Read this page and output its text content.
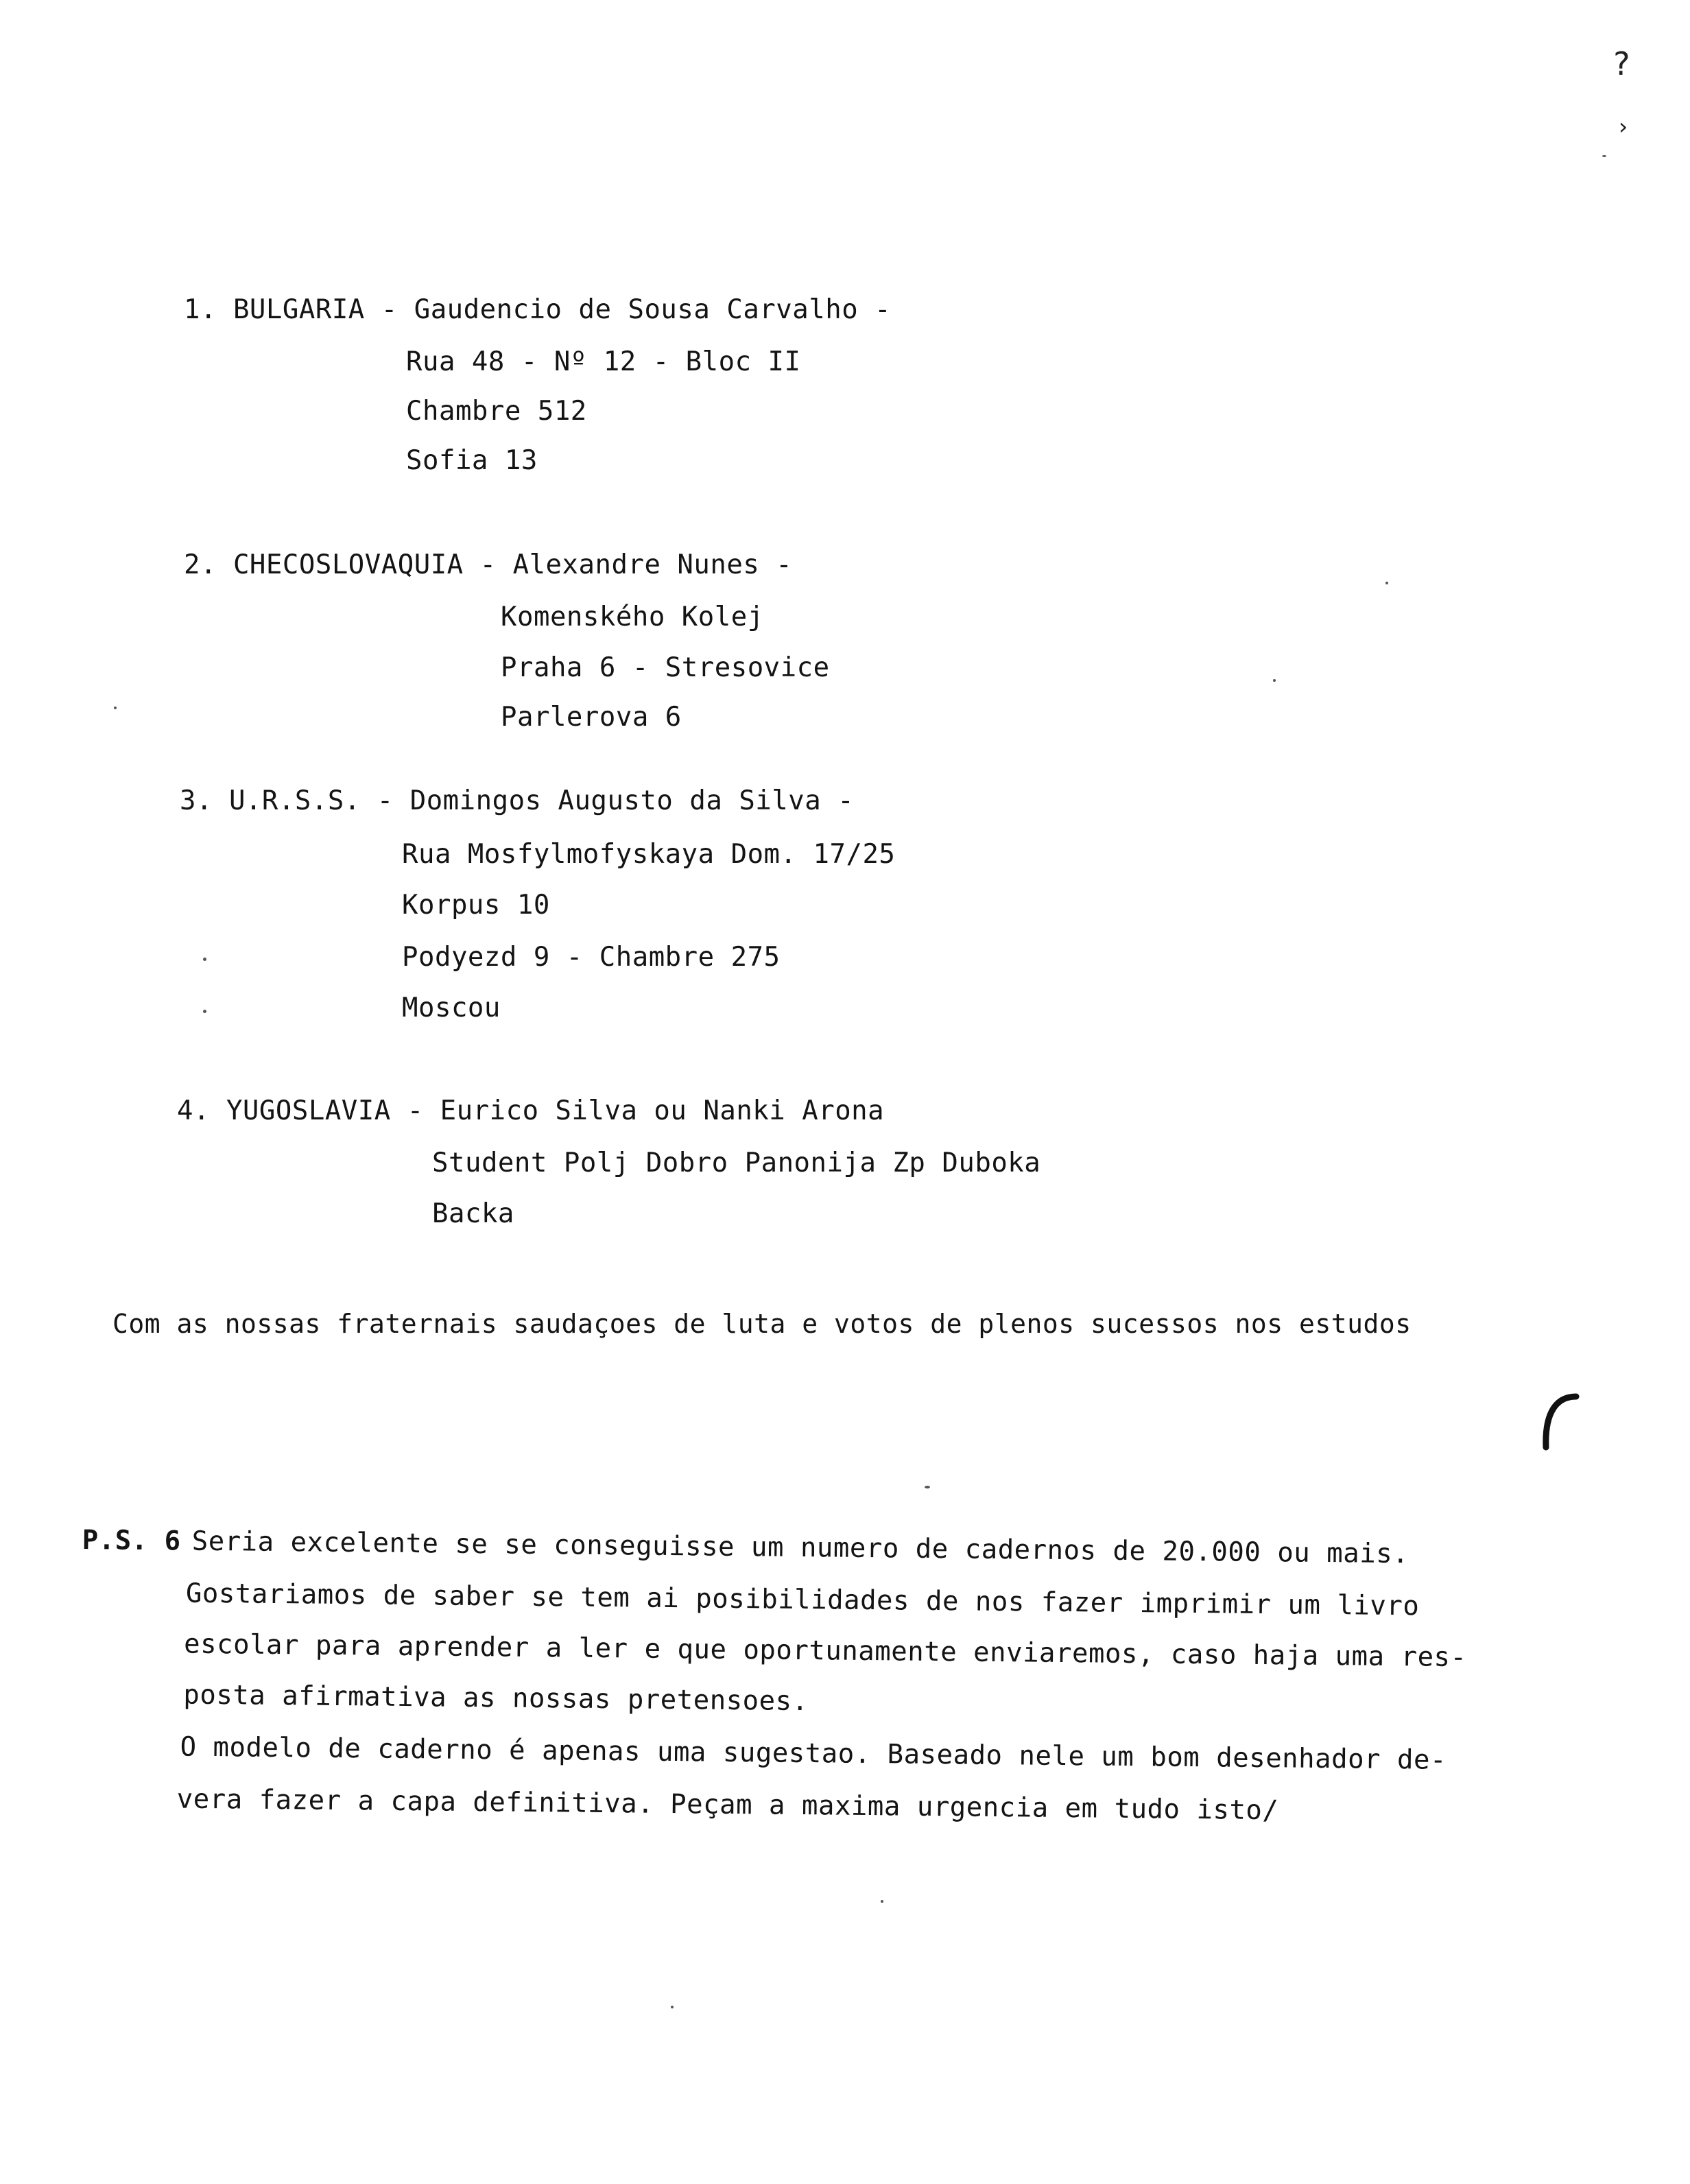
?
›
1. BULGARIA - Gaudencio de Sousa Carvalho -
Rua 48 - Nº 12 - Bloc II
Chambre 512
Sofia 13
2. CHECOSLOVAQUIA - Alexandre Nunes -
Komenského Kolej
Praha 6 - Stresovice
Parlerova 6
3. U.R.S.S. - Domingos Augusto da Silva -
Rua Mosfylmofyskaya Dom. 17/25
Korpus 10
Podyezd 9 - Chambre 275
Moscou
4. YUGOSLAVIA - Eurico Silva ou Nanki Arona
Student Polj Dobro Panonija Zp Duboka
Backa
Com as nossas fraternais saudaçoes de luta e votos de plenos sucessos nos estudos
P.S. 6 Seria excelente se se conseguisse um numero de cadernos de 20.000 ou mais.
Gostariamos de saber se tem ai posibilidades de nos fazer imprimir um livro
escolar para aprender a ler e que oportunamente enviaremos, caso haja uma res-
posta afirmativa as nossas pretensoes.
O modelo de caderno é apenas uma sugestao. Baseado nele um bom desenhador de-
vera fazer a capa definitiva. Peçam a maxima urgencia em tudo isto/
